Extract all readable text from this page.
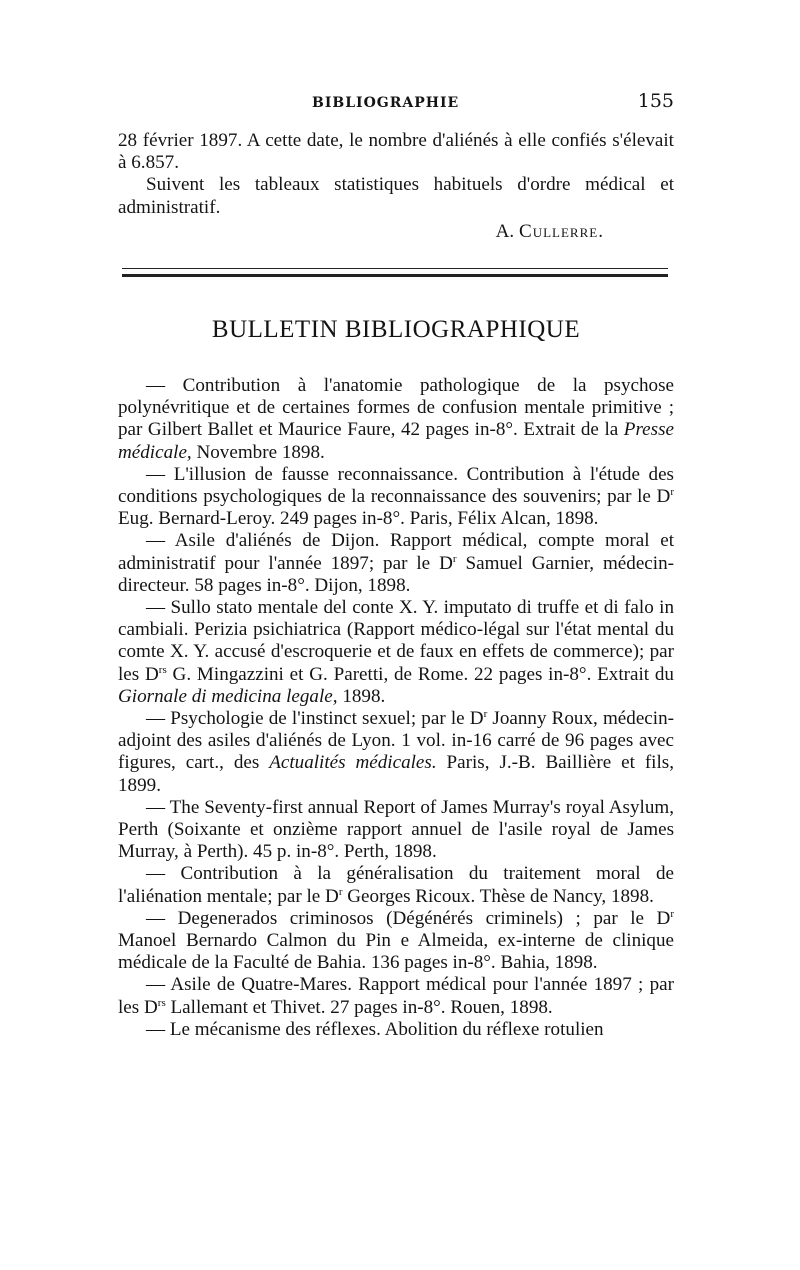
BIBLIOGRAPHIE	155

28 février 1897. A cette date, le nombre d'aliénés à elle confiés s'élevait à 6.857.

Suivent les tableaux statistiques habituels d'ordre médical et administratif.

A. Cullerre.

BULLETIN BIBLIOGRAPHIQUE

— Contribution à l'anatomie pathologique de la psychose polynévritique et de certaines formes de confusion mentale primitive ; par Gilbert Ballet et Maurice Faure, 42 pages in-8°. Extrait de la Presse médicale, Novembre 1898.

— L'illusion de fausse reconnaissance. Contribution à l'étude des conditions psychologiques de la reconnaissance des souvenirs; par le $D^r$ Eug. Bernard-Leroy. 249 pages in-8°. Paris, Félix Alcan, 1898.

— Asile d'aliénés de Dijon. Rapport médical, compte moral et administratif pour l'année 1897; par le $D^r$ Samuel Garnier, médecin-directeur. 58 pages in-8°. Dijon, 1898.

— Sullo stato mentale del conte X. Y. imputato di truffe et di falo in cambiali. Perizia psichiatrica (Rapport médico-légal sur l'état mental du comte X. Y. accusé d'escroquerie et de faux en effets de commerce); par les $D^{rs}$ G. Mingazzini et G. Paretti, de Rome. 22 pages in-8°. Extrait du Giornale di medicina legale, 1898.

— Psychologie de l'instinct sexuel; par le $D^r$ Joanny Roux, médecin-adjoint des asiles d'aliénés de Lyon. 1 vol. in-16 carré de 96 pages avec figures, cart., des Actualités médicales. Paris, J.-B. Baillière et fils, 1899.

— The Seventy-first annual Report of James Murray's royal Asylum, Perth (Soixante et onzième rapport annuel de l'asile royal de James Murray, à Perth). 45 p. in-8°. Perth, 1898.

— Contribution à la généralisation du traitement moral de l'aliénation mentale; par le $D^r$ Georges Ricoux. Thèse de Nancy, 1898.

— Degenerados criminosos (Dégénérés criminels) ; par le $D^r$ Manoel Bernardo Calmon du Pin e Almeida, ex-interne de clinique médicale de la Faculté de Bahia. 136 pages in-8°. Bahia, 1898.

— Asile de Quatre-Mares. Rapport médical pour l'année 1897 ; par les $D^{rs}$ Lallemant et Thivet. 27 pages in-8°. Rouen, 1898.

— Le mécanisme des réflexes. Abolition du réflexe rotulien
